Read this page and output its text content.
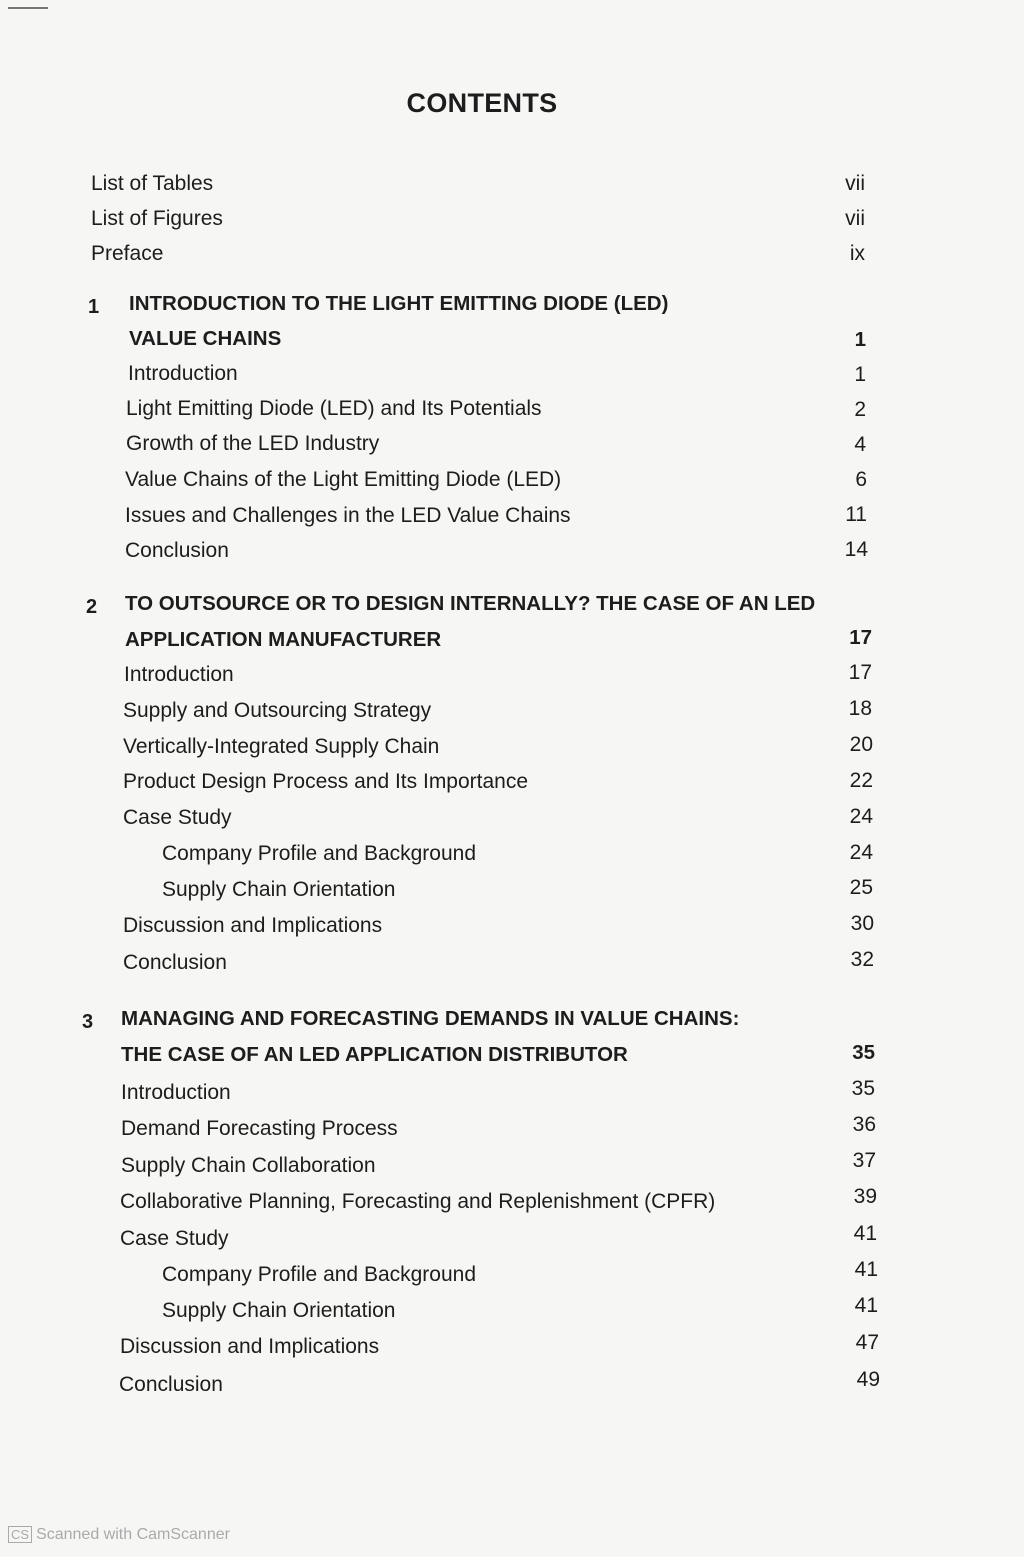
CONTENTS
List of Tables	vii
List of Figures	vii
Preface	ix
1 INTRODUCTION TO THE LIGHT EMITTING DIODE (LED)
VALUE CHAINS	1
Introduction	1
Light Emitting Diode (LED) and Its Potentials	2
Growth of the LED Industry	4
Value Chains of the Light Emitting Diode (LED)	6
Issues and Challenges in the LED Value Chains	11
Conclusion	14
2 TO OUTSOURCE OR TO DESIGN INTERNALLY? THE CASE OF AN LED
APPLICATION MANUFACTURER	17
Introduction	17
Supply and Outsourcing Strategy	18
Vertically-Integrated Supply Chain	20
Product Design Process and Its Importance	22
Case Study	24
Company Profile and Background	24
Supply Chain Orientation	25
Discussion and Implications	30
Conclusion	32
3 MANAGING AND FORECASTING DEMANDS IN VALUE CHAINS:
THE CASE OF AN LED APPLICATION DISTRIBUTOR	35
Introduction	35
Demand Forecasting Process	36
Supply Chain Collaboration	37
Collaborative Planning, Forecasting and Replenishment (CPFR)	39
Case Study	41
Company Profile and Background	41
Supply Chain Orientation	41
Discussion and Implications	47
Conclusion	49
CS Scanned with CamScanner
